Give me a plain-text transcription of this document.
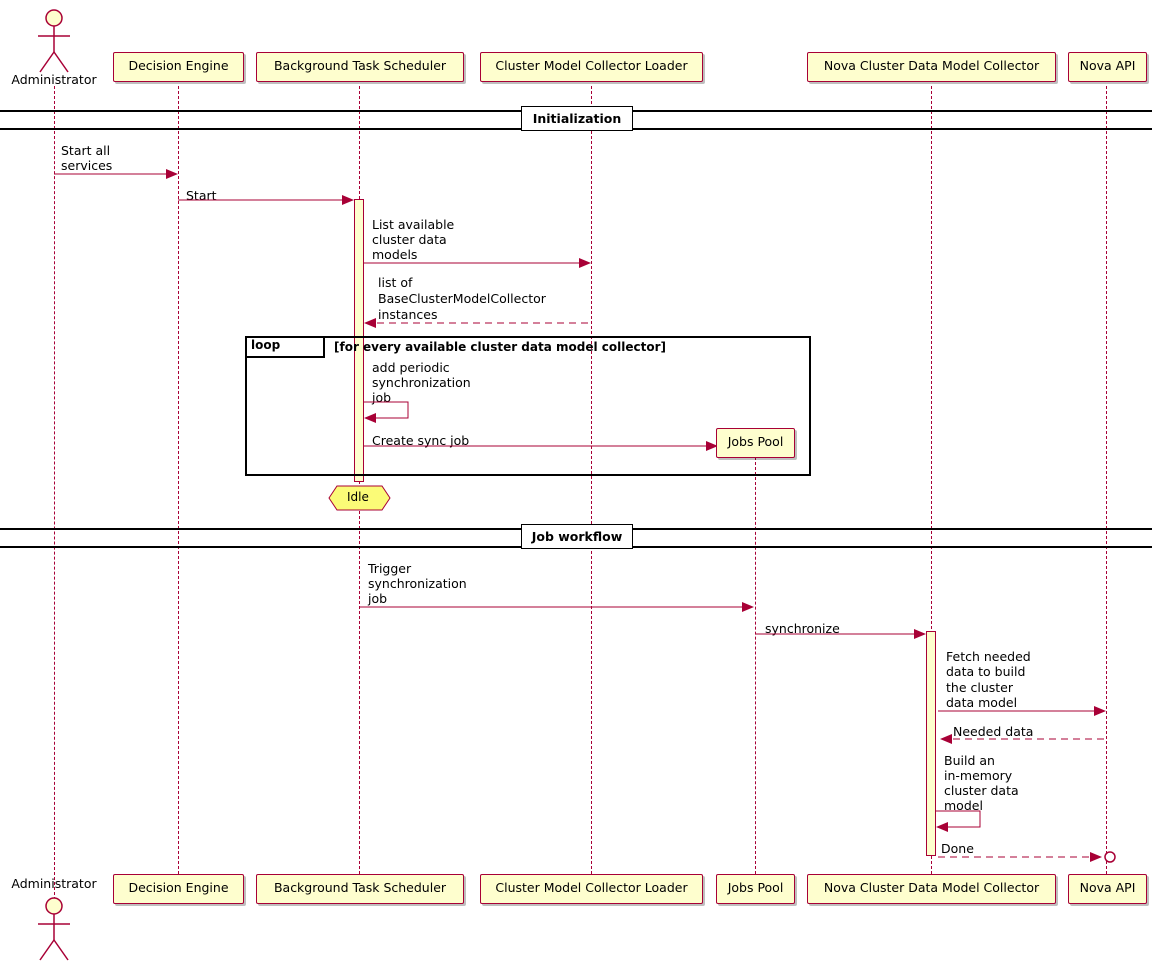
Administrator
Decision Engine	Background Task Scheduler	Cluster Model Collector Loader	Nova Cluster Data Model Collector	Nova API
Decision Engine	Background Task Scheduler	Cluster Model Collector Loader	Jobs Pool	Nova Cluster Data Model Collector	Nova API
Administrator
Initialization
Start all
services
Start
List available
cluster data
models
list of
BaseClusterModelCollector
instances
loop	[for every available cluster data model collector]
add periodic
synchronization
job
Create sync job	Jobs Pool
Idle
Job workflow
Trigger
synchronization
job
synchronize
Fetch needed
data to build
the cluster
data model
Needed data
Build an
in-memory
cluster data
model
Done
